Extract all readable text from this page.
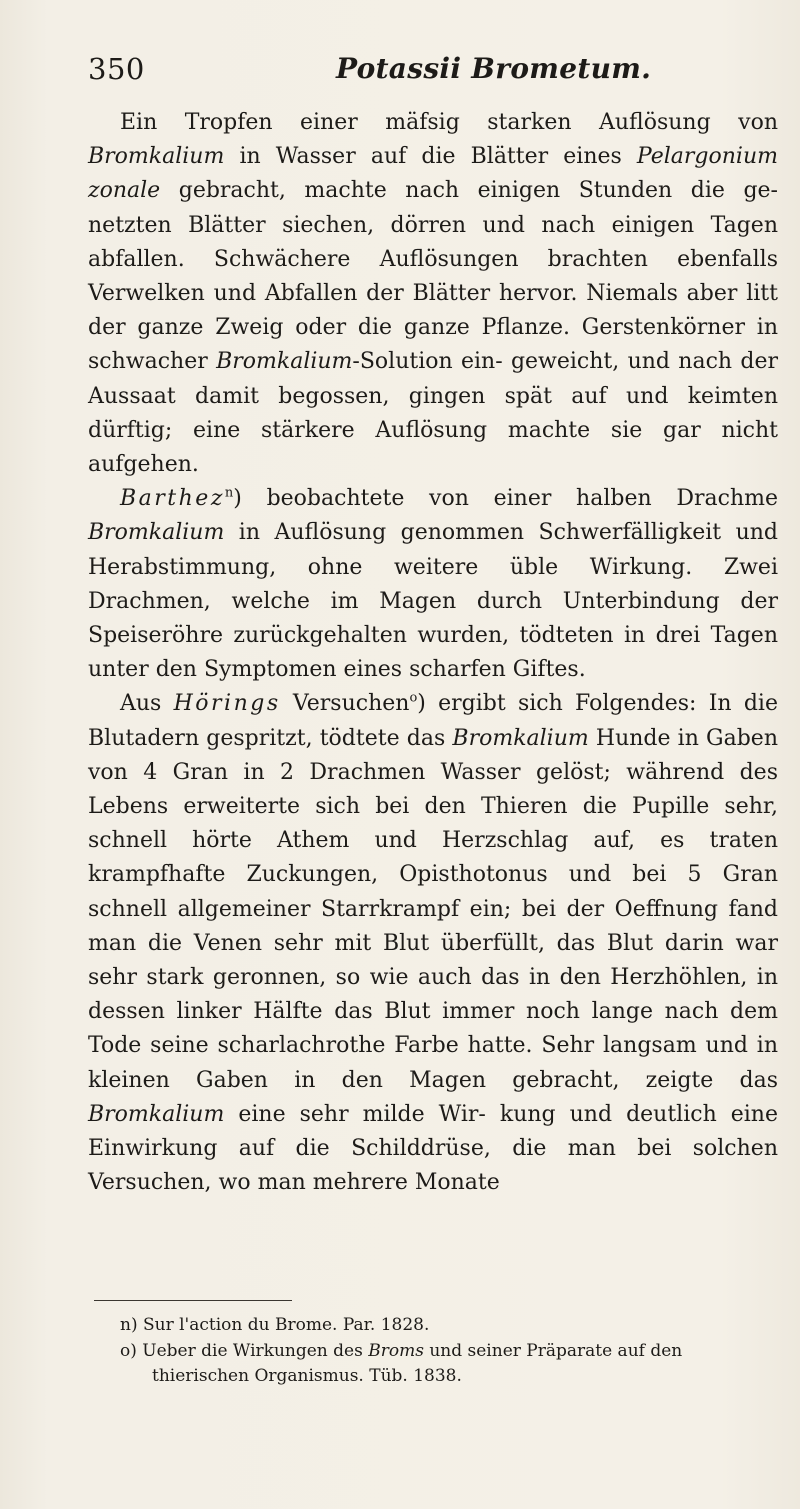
350	Potassii Brometum.

Ein Tropfen einer mäfsig starken Auflösung von Bromkalium in Wasser auf die Blätter eines Pelargonium zonale gebracht, machte nach einigen Stunden die ge- netzten Blätter siechen, dörren und nach einigen Tagen abfallen. Schwächere Auflösungen brachten ebenfalls Verwelken und Abfallen der Blätter hervor. Niemals aber litt der ganze Zweig oder die ganze Pflanze. Gerstenkörner in schwacher Bromkalium-Solution ein- geweicht, und nach der Aussaat damit begossen, gingen spät auf und keimten dürftig; eine stärkere Auflösung machte sie gar nicht aufgehen.

Barthez$^n$) beobachtete von einer halben Drachme Bromkalium in Auflösung genommen Schwerfälligkeit und Herabstimmung, ohne weitere üble Wirkung. Zwei Drachmen, welche im Magen durch Unterbindung der Speiseröhre zurückgehalten wurden, tödteten in drei Tagen unter den Symptomen eines scharfen Giftes.

Aus Hörings Versuchen$^o$) ergibt sich Folgendes: In die Blutadern gespritzt, tödtete das Bromkalium Hunde in Gaben von 4 Gran in 2 Drachmen Wasser gelöst; während des Lebens erweiterte sich bei den Thieren die Pupille sehr, schnell hörte Athem und Herzschlag auf, es traten krampfhafte Zuckungen, Opisthotonus und bei 5 Gran schnell allgemeiner Starrkrampf ein; bei der Oeffnung fand man die Venen sehr mit Blut überfüllt, das Blut darin war sehr stark geronnen, so wie auch das in den Herzhöhlen, in dessen linker Hälfte das Blut immer noch lange nach dem Tode seine scharlachrothe Farbe hatte. Sehr langsam und in kleinen Gaben in den Magen gebracht, zeigte das Bromkalium eine sehr milde Wir- kung und deutlich eine Einwirkung auf die Schilddrüse, die man bei solchen Versuchen, wo man mehrere Monate

n) Sur l'action du Brome. Par. 1828.

o) Ueber die Wirkungen des Broms und seiner Präparate auf den thierischen Organismus. Tüb. 1838.
